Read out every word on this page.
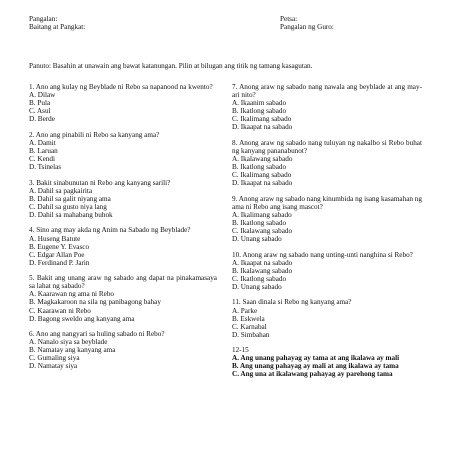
Pangalan:
Baitang at Pangkat:
Petsa:
Pangalan ng Guro:
Panuto: Basahin at unawain ang bawat katanungan. Pilin at bilugan ang titik ng tamang kasagutan.
1. Ano ang kulay ng Beyblade ni Rebo sa napanood na kwento?
A. Dilaw
B. Pula
C. Asul
D. Berde
2. Ano ang pinabili ni Rebo sa kanyang ama?
A. Damit
B. Laruan
C. Kendi
D. Tsinelas
3. Bakit sinabunutan ni Rebo ang kanyang sarili?
A. Dahil sa pagkairita
B. Dahil sa galit niyang ama
C. Dahil sa gusto niya lang
D. Dahil sa mahabang buhok
4. Sino ang may akda ng Anim na Sabado ng Beyblade?
A. Huseng Batute
B. Eugene Y. Evasco
C. Edgar Allan Poe
D. Ferdinand P. Jarin
5. Bakit ang unang araw ng sabado ang dapat na pinakamasaya sa lahat ng sabado?
A. Kaarawan ng ama ni Rebo
B. Magkakaroon na sila ng panibagong bahay
C. Kaarawan ni Rebo
D. Bagong sweldo ang kanyang ama
6. Ano ang nangyari sa huling sabado ni Rebo?
A. Nanalo siya sa beyblade
B. Namatay ang kanyang ama
C. Gumaling siya
D. Namatay siya
7. Anong araw ng sabado nang nawala ang beyblade at ang may-ari nito?
A. Ikaanim sabado
B. Ikatlong sabado
C. Ikalimang sabado
D. Ikaapat na sabado
8. Anong araw ng sabado nang tuluyan ng nakalbo si Rebo buhat ng kanyang pananabunot?
A. Ikalawang sabado
B. Ikatlong sabado
C. Ikalimang sabado
D. Ikaapat na sabado
9. Anong araw ng sabado nang kinumbida ng isang kasamahan ng ama ni Rebo ang isang mascot?
A. Ikalimang sabado
B. Ikatlong sabado
C. Ikalawang sabado
D. Unang sabado
10. Anong araw ng sabado nang unting-unti nanghina si Rebo?
A. Ikaapat na sabado
B. Ikalawang sabado
C. Ikatlong sabado
D. Unang sabado
11. Saan dinala si Rebo ng kanyang ama?
A. Parke
B. Eskwela
C. Karnabal
D. Simbahan
12-15
A. Ang unang pahayag ay tama at ang ikalawa ay mali
B. Ang unang pahayag ay mali at ang ikalawa ay tama
C. Ang una at ikalawang pahayag ay parehong tama
